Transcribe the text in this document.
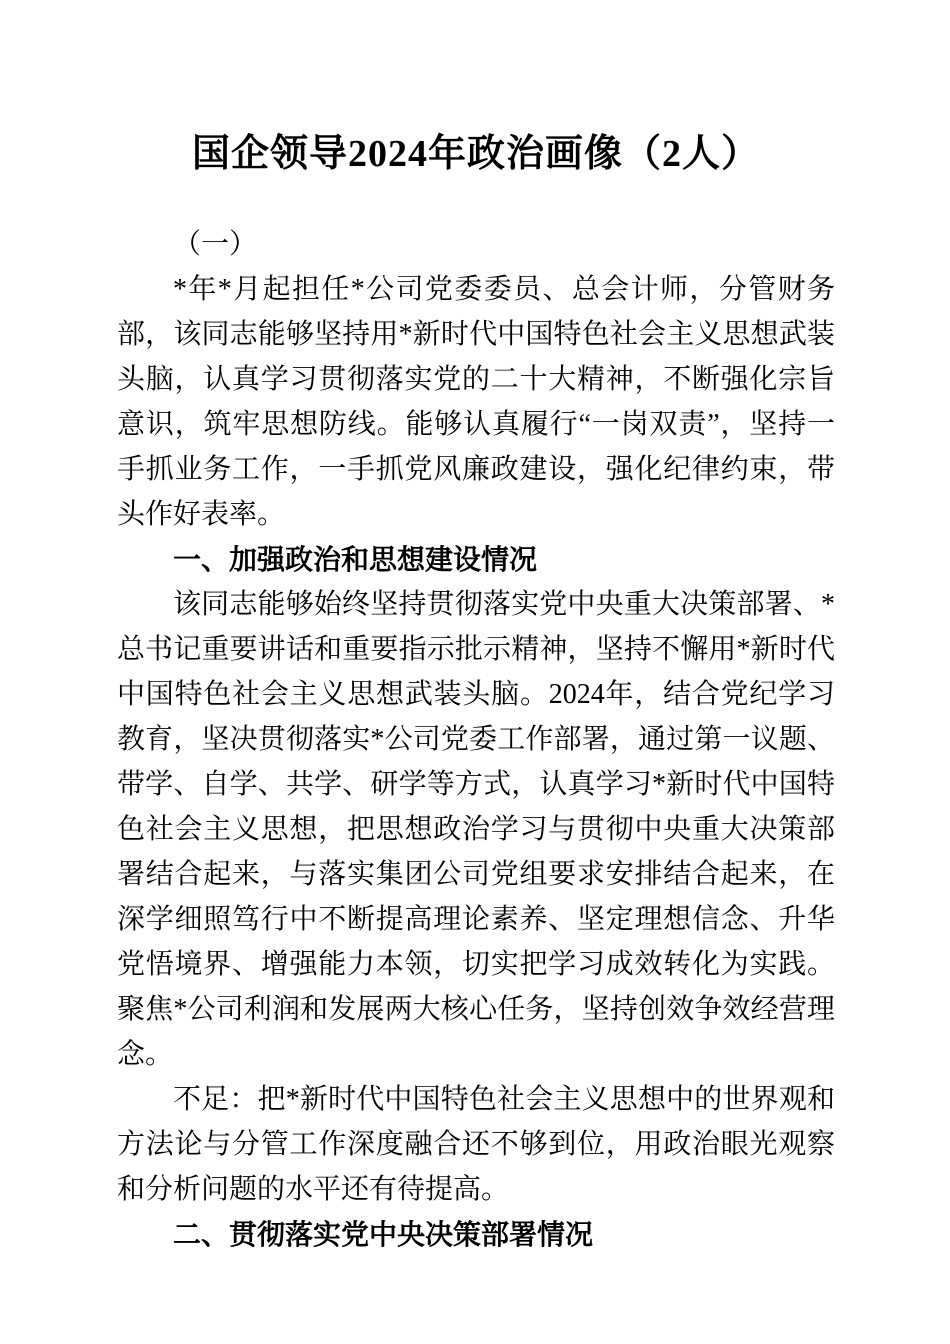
国企领导2024年政治画像（2人）

（一）

*年*月起担任*公司党委委员、总会计师，分管财务部，该同志能够坚持用*新时代中国特色社会主义思想武装头脑，认真学习贯彻落实党的二十大精神，不断强化宗旨意识，筑牢思想防线。能够认真履行“一岗双责”，坚持一手抓业务工作，一手抓党风廉政建设，强化纪律约束，带头作好表率。

一、加强政治和思想建设情况

该同志能够始终坚持贯彻落实党中央重大决策部署、*总书记重要讲话和重要指示批示精神，坚持不懈用*新时代中国特色社会主义思想武装头脑。2024年，结合党纪学习教育，坚决贯彻落实*公司党委工作部署，通过第一议题、带学、自学、共学、研学等方式，认真学习*新时代中国特色社会主义思想，把思想政治学习与贯彻中央重大决策部署结合起来，与落实集团公司党组要求安排结合起来，在深学细照笃行中不断提高理论素养、坚定理想信念、升华党悟境界、增强能力本领，切实把学习成效转化为实践。聚焦*公司利润和发展两大核心任务，坚持创效争效经营理念。

不足：把*新时代中国特色社会主义思想中的世界观和方法论与分管工作深度融合还不够到位，用政治眼光观察和分析问题的水平还有待提高。

二、贯彻落实党中央决策部署情况
